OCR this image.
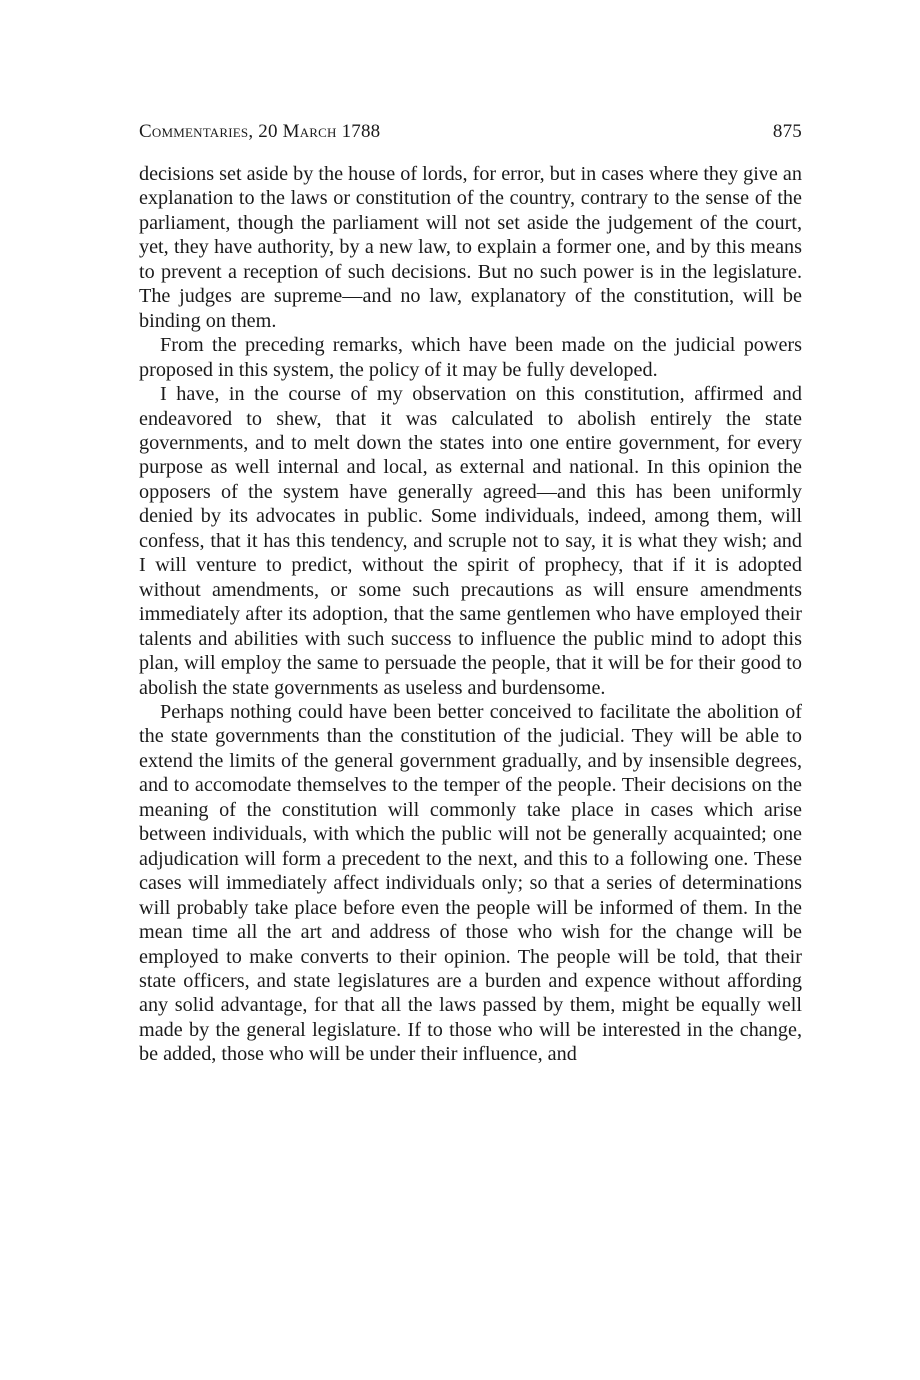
Commentaries, 20 March 1788	875

decisions set aside by the house of lords, for error, but in cases where they give an explanation to the laws or constitution of the country, contrary to the sense of the parliament, though the parliament will not set aside the judgement of the court, yet, they have authority, by a new law, to explain a former one, and by this means to prevent a reception of such decisions. But no such power is in the legislature. The judges are supreme—and no law, explanatory of the constitution, will be binding on them.

From the preceding remarks, which have been made on the judicial powers proposed in this system, the policy of it may be fully developed.

I have, in the course of my observation on this constitution, affirmed and endeavored to shew, that it was calculated to abolish entirely the state governments, and to melt down the states into one entire government, for every purpose as well internal and local, as external and national. In this opinion the opposers of the system have generally agreed—and this has been uniformly denied by its advocates in public. Some individuals, indeed, among them, will confess, that it has this tendency, and scruple not to say, it is what they wish; and I will venture to predict, without the spirit of prophecy, that if it is adopted without amendments, or some such precautions as will ensure amendments immediately after its adoption, that the same gentlemen who have employed their talents and abilities with such success to influence the public mind to adopt this plan, will employ the same to persuade the people, that it will be for their good to abolish the state governments as useless and burdensome.

Perhaps nothing could have been better conceived to facilitate the abolition of the state governments than the constitution of the judicial. They will be able to extend the limits of the general government gradually, and by insensible degrees, and to accomodate themselves to the temper of the people. Their decisions on the meaning of the constitution will commonly take place in cases which arise between individuals, with which the public will not be generally acquainted; one adjudication will form a precedent to the next, and this to a following one. These cases will immediately affect individuals only; so that a series of determinations will probably take place before even the people will be informed of them. In the mean time all the art and address of those who wish for the change will be employed to make converts to their opinion. The people will be told, that their state officers, and state legislatures are a burden and expence without affording any solid advantage, for that all the laws passed by them, might be equally well made by the general legislature. If to those who will be interested in the change, be added, those who will be under their influence, and
